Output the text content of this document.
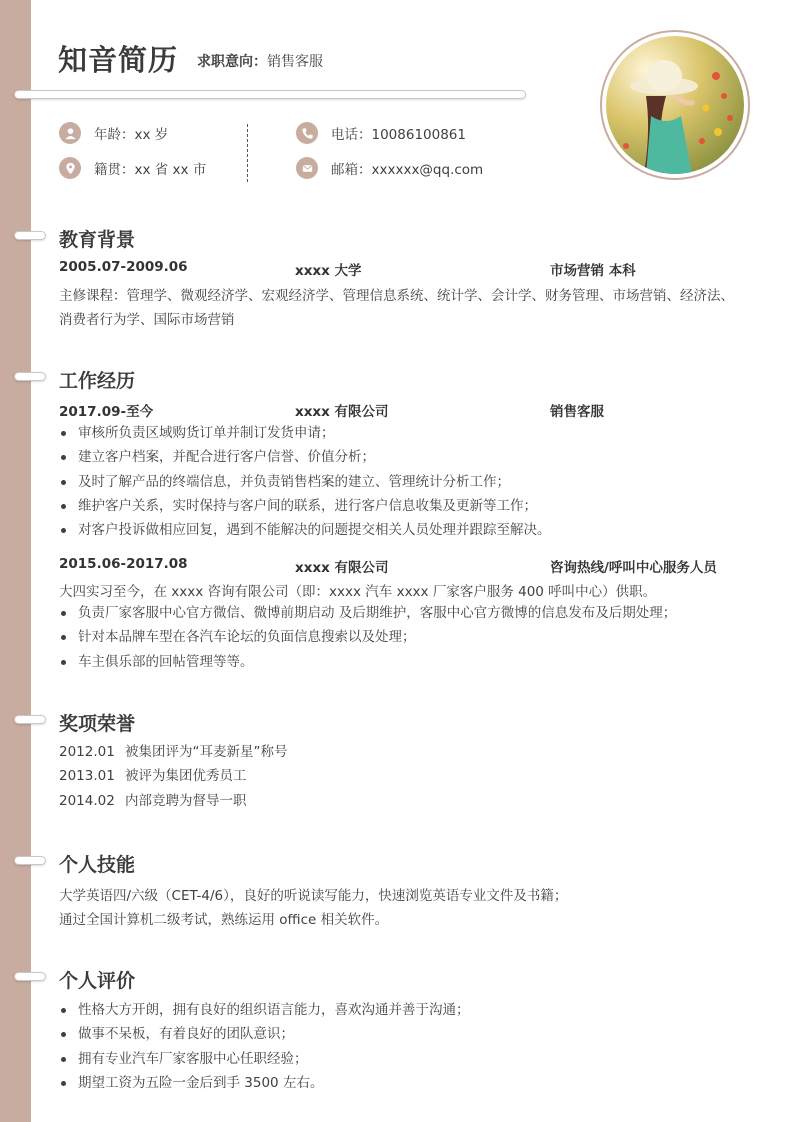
知音简历 求职意向：销售客服
年龄：xx 岁
籍贯：xx 省 xx 市
电话：10086100861
邮箱：xxxxxx@qq.com
教育背景
2005.07-2009.06	xxxx 大学	市场营销 本科
主修课程：管理学、微观经济学、宏观经济学、管理信息系统、统计学、会计学、财务管理、市场营销、经济法、
消费者行为学、国际市场营销
工作经历
2017.09-至今	xxxx 有限公司	销售客服
审核所负责区域购货订单并制订发货申请；
建立客户档案，并配合进行客户信誉、价值分析；
及时了解产品的终端信息，并负责销售档案的建立、管理统计分析工作；
维护客户关系，实时保持与客户间的联系，进行客户信息收集及更新等工作；
对客户投诉做相应回复，遇到不能解决的问题提交相关人员处理并跟踪至解决。
2015.06-2017.08	xxxx 有限公司	咨询热线/呼叫中心服务人员
大四实习至今，在 xxxx 咨询有限公司（即：xxxx 汽车 xxxx 厂家客户服务 400 呼叫中心）供职。
负责厂家客服中心官方微信、微博前期启动 及后期维护，客服中心官方微博的信息发布及后期处理；
针对本品牌车型在各汽车论坛的负面信息搜索以及处理；
车主俱乐部的回帖管理等等。
奖项荣誉
2012.01 被集团评为“耳麦新星”称号
2013.01 被评为集团优秀员工
2014.02 内部竞聘为督导一职
个人技能
大学英语四/六级（CET-4/6），良好的听说读写能力，快速浏览英语专业文件及书籍；
通过全国计算机二级考试，熟练运用 office 相关软件。
个人评价
性格大方开朗，拥有良好的组织语言能力，喜欢沟通并善于沟通；
做事不呆板，有着良好的团队意识；
拥有专业汽车厂家客服中心任职经验；
期望工资为五险一金后到手 3500 左右。
